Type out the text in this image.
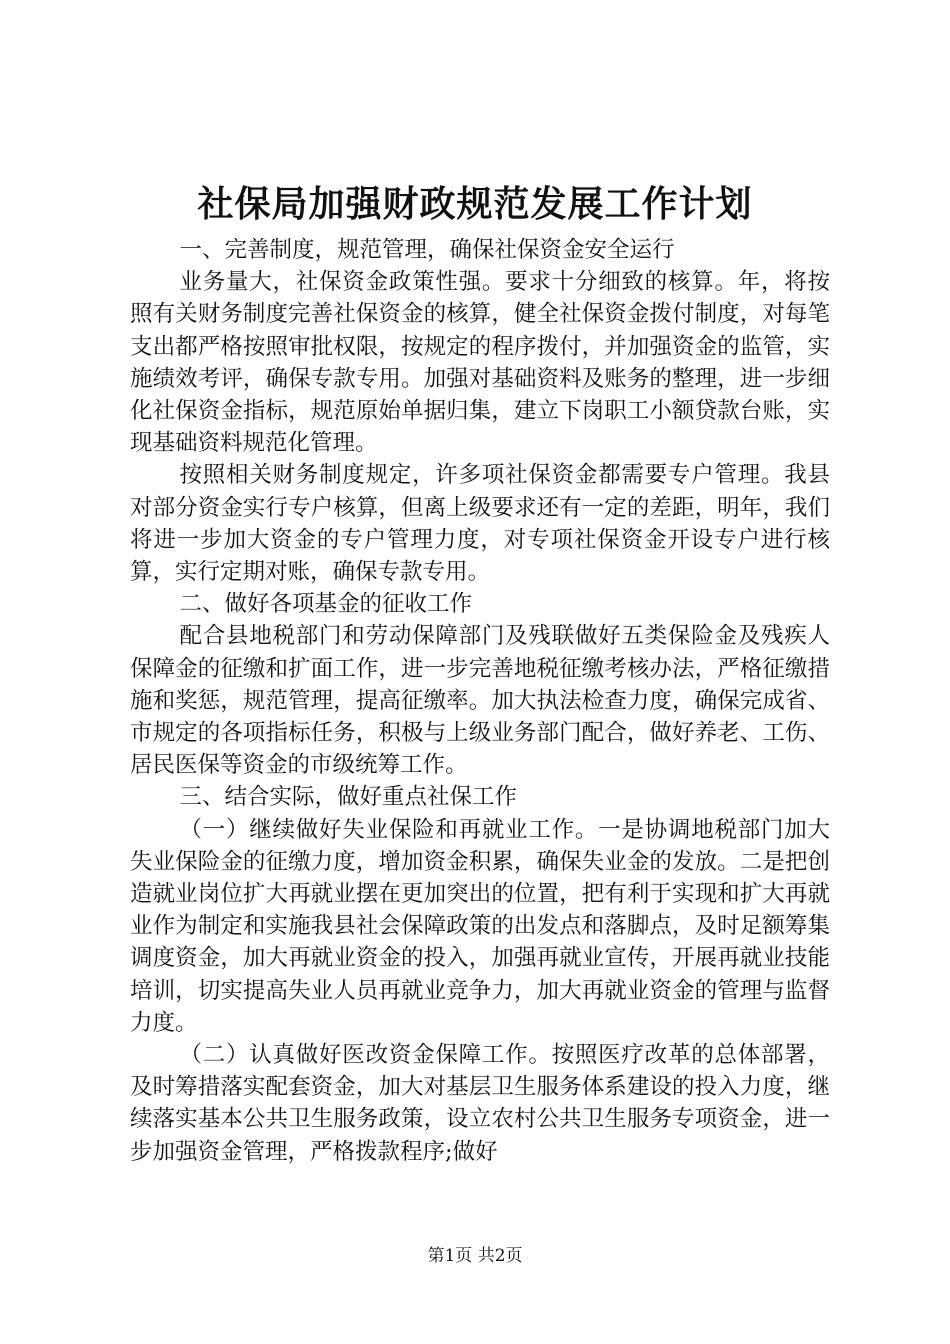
社保局加强财政规范发展工作计划

一、完善制度，规范管理，确保社保资金安全运行

业务量大，社保资金政策性强。要求十分细致的核算。年，将按照有关财务制度完善社保资金的核算，健全社保资金拨付制度，对每笔支出都严格按照审批权限，按规定的程序拨付，并加强资金的监管，实施绩效考评，确保专款专用。加强对基础资料及账务的整理，进一步细化社保资金指标，规范原始单据归集，建立下岗职工小额贷款台账，实现基础资料规范化管理。

按照相关财务制度规定，许多项社保资金都需要专户管理。我县对部分资金实行专户核算，但离上级要求还有一定的差距，明年，我们将进一步加大资金的专户管理力度，对专项社保资金开设专户进行核算，实行定期对账，确保专款专用。

二、做好各项基金的征收工作

配合县地税部门和劳动保障部门及残联做好五类保险金及残疾人保障金的征缴和扩面工作，进一步完善地税征缴考核办法，严格征缴措施和奖惩，规范管理，提高征缴率。加大执法检查力度，确保完成省、市规定的各项指标任务，积极与上级业务部门配合，做好养老、工伤、居民医保等资金的市级统筹工作。

三、结合实际，做好重点社保工作

（一）继续做好失业保险和再就业工作。一是协调地税部门加大失业保险金的征缴力度，增加资金积累，确保失业金的发放。二是把创造就业岗位扩大再就业摆在更加突出的位置，把有利于实现和扩大再就业作为制定和实施我县社会保障政策的出发点和落脚点，及时足额筹集调度资金，加大再就业资金的投入，加强再就业宣传，开展再就业技能培训，切实提高失业人员再就业竞争力，加大再就业资金的管理与监督力度。

（二）认真做好医改资金保障工作。按照医疗改革的总体部署，及时筹措落实配套资金，加大对基层卫生服务体系建设的投入力度，继续落实基本公共卫生服务政策，设立农村公共卫生服务专项资金，进一步加强资金管理，严格拨款程序;做好

第1页 共2页
